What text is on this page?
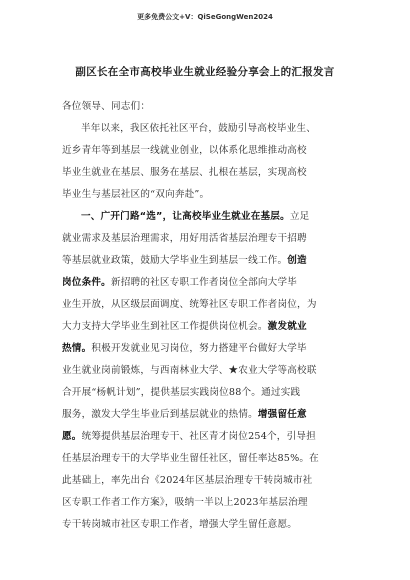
更多免费公文+V：QiSeGongWen2024
副区长在全市高校毕业生就业经验分享会上的汇报发言
各位领导、同志们：
半年以来，我区依托社区平台，鼓励引导高校毕业生、
近乡青年等到基层一线就业创业，以体系化思维推动高校
毕业生就业在基层、服务在基层、扎根在基层，实现高校
毕业生与基层社区的“双向奔赴”。
一、广开门路“选”，让高校毕业生就业在基层。立足
就业需求及基层治理需求，用好用活省基层治理专干招聘
等基层就业政策，鼓励大学毕业生到基层一线工作。创造
岗位条件。新招聘的社区专职工作者岗位全部向大学毕
业生开放，从区级层面调度、统筹社区专职工作者岗位，为
大力支持大学毕业生到社区工作提供岗位机会。激发就业
热情。积极开发就业见习岗位，努力搭建平台做好大学毕
业生就业岗前锻炼，与西南林业大学、★农业大学等高校联
合开展“杨帆计划”，提供基层实践岗位88个。通过实践
服务，激发大学生毕业后到基层就业的热情。增强留任意
愿。统筹提供基层治理专干、社区青才岗位254个，引导担
任基层治理专干的大学毕业生留任社区，留任率达85%。在
此基础上，率先出台《2024年区基层治理专干转岗城市社
区专职工作者工作方案》，吸纳一半以上2023年基层治理
专干转岗城市社区专职工作者，增强大学生留任意愿。
